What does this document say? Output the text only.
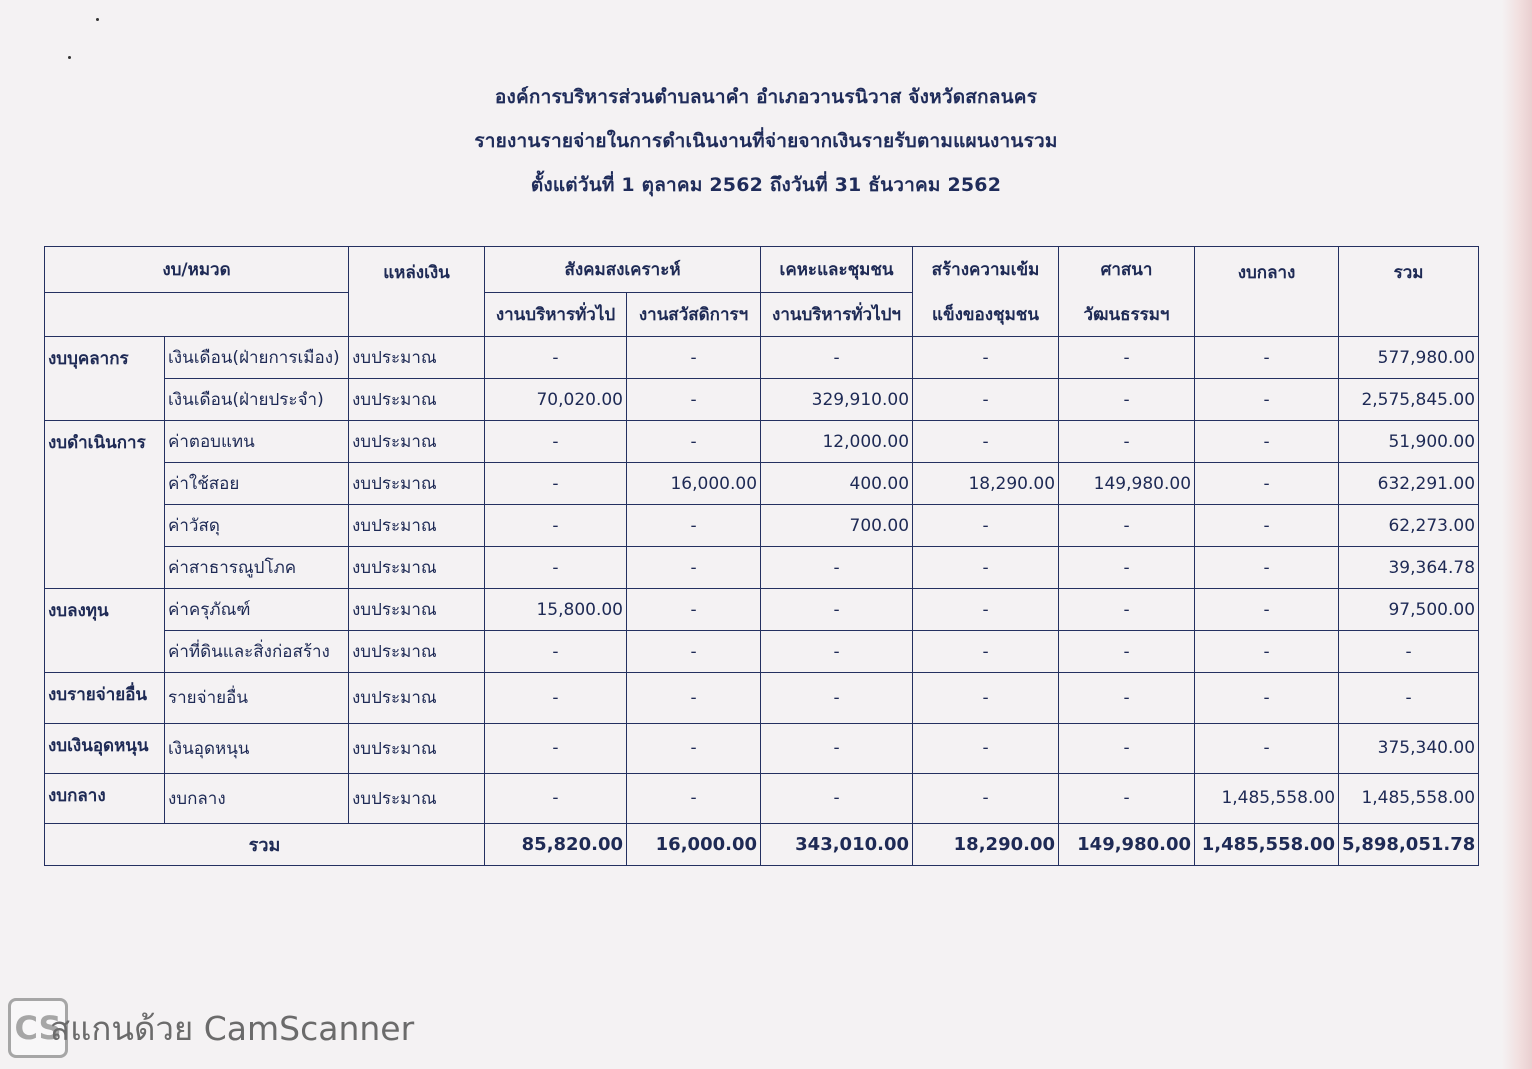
องค์การบริหารส่วนตำบลนาคำ อำเภอวานรนิวาส จังหวัดสกลนคร
รายงานรายจ่ายในการดำเนินงานที่จ่ายจากเงินรายรับตามแผนงานรวม
ตั้งแต่วันที่ 1 ตุลาคม 2562 ถึงวันที่ 31 ธันวาคม 2562
งบ/หมวด		แหล่งเงิน	สังคมสงเคราะห์		เคหะและชุมชน	สร้างความเข้ม	ศาสนา	งบกลาง	รวม
			งานบริหารทั่วไป	งานสวัสดิการฯ	งานบริหารทั่วไปฯ	แข็งของชุมชน	วัฒนธรรมฯ		
งบบุคลากร	เงินเดือน(ฝ่ายการเมือง)	งบประมาณ	-	-	-	-	-	-	577,980.00
	เงินเดือน(ฝ่ายประจำ)	งบประมาณ	70,020.00	-	329,910.00	-	-	-	2,575,845.00
งบดำเนินการ	ค่าตอบแทน	งบประมาณ	-	-	12,000.00	-	-	-	51,900.00
	ค่าใช้สอย	งบประมาณ	-	16,000.00	400.00	18,290.00	149,980.00	-	632,291.00
	ค่าวัสดุ	งบประมาณ	-	-	700.00	-	-	-	62,273.00
	ค่าสาธารณูปโภค	งบประมาณ	-	-	-	-	-	-	39,364.78
งบลงทุน	ค่าครุภัณฑ์	งบประมาณ	15,800.00	-	-	-	-	-	97,500.00
	ค่าที่ดินและสิ่งก่อสร้าง	งบประมาณ	-	-	-	-	-	-	-
งบรายจ่ายอื่น	รายจ่ายอื่น	งบประมาณ	-	-	-	-	-	-	-
งบเงินอุดหนุน	เงินอุดหนุน	งบประมาณ	-	-	-	-	-	-	375,340.00
งบกลาง	งบกลาง	งบประมาณ	-	-	-	-	-	1,485,558.00	1,485,558.00
รวม			85,820.00	16,000.00	343,010.00	18,290.00	149,980.00	1,485,558.00	5,898,051.78
CS
สแกนด้วย CamScanner
